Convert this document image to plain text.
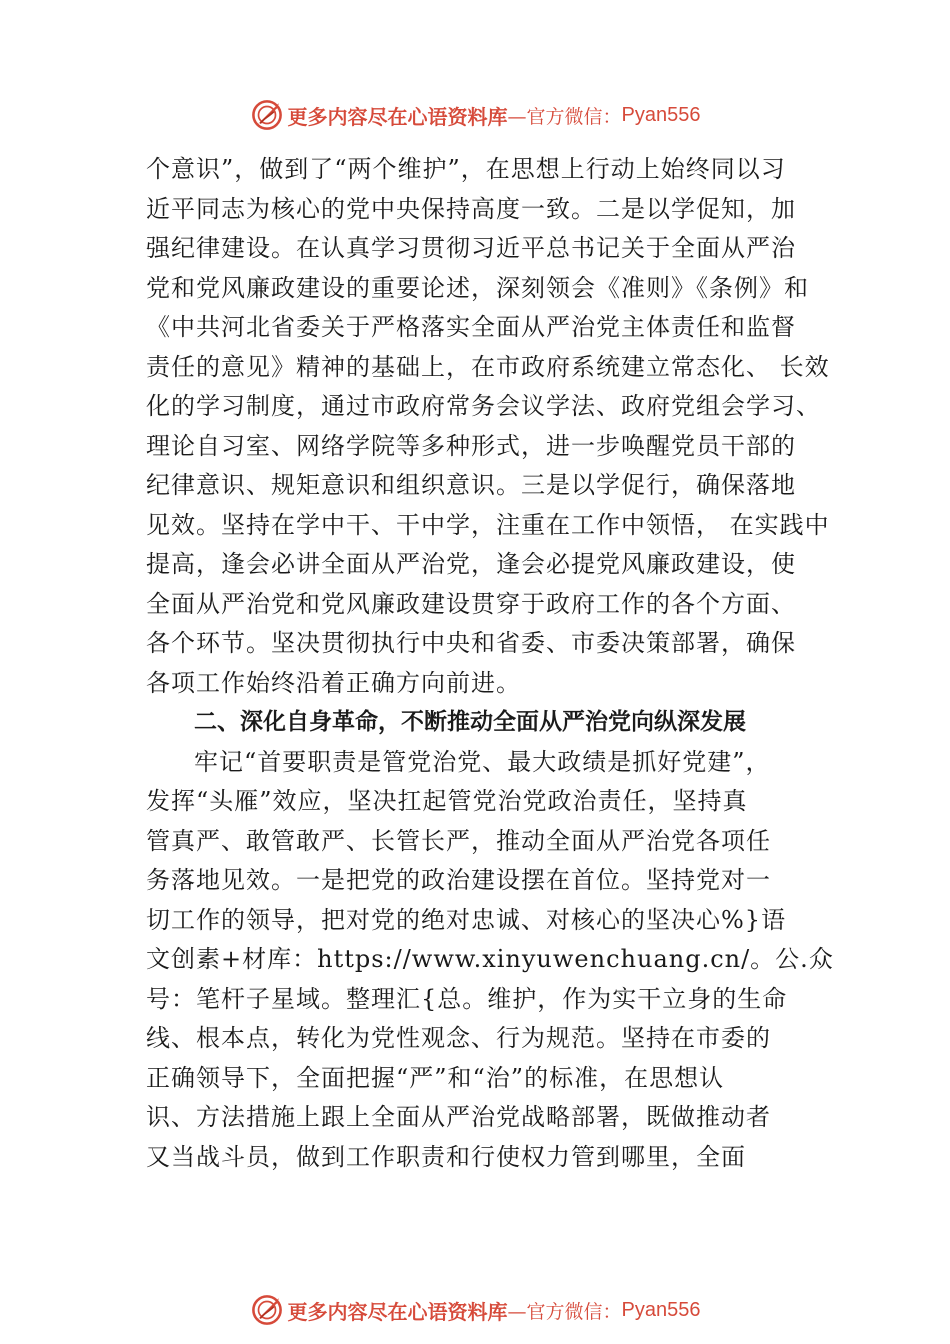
更多内容尽在心语资料库 —官方微信： Pyan556
个意识”，做到了“两个维护”，在思想上行动上始终同以习
近平同志为核心的党中央保持高度一致。二是以学促知，加
强纪律建设。在认真学习贯彻习近平总书记关于全面从严治
党和党风廉政建设的重要论述，深刻领会《准则》《条例》和
《中共河北省委关于严格落实全面从严治党主体责任和监督
责任的意见》精神的基础上，在市政府系统建立常态化、 长效
化的学习制度，通过市政府常务会议学法、政府党组会学习、
理论自习室、网络学院等多种形式，进一步唤醒党员干部的
纪律意识、规矩意识和组织意识。三是以学促行，确保落地
见效。坚持在学中干、干中学，注重在工作中领悟， 在实践中
提高，逢会必讲全面从严治党，逢会必提党风廉政建设，使
全面从严治党和党风廉政建设贯穿于政府工作的各个方面、
各个环节。坚决贯彻执行中央和省委、市委决策部署，确保
各项工作始终沿着正确方向前进。
二、深化自身革命，不断推动全面从严治党向纵深发展
牢记“首要职责是管党治党、最大政绩是抓好党建”，
发挥“头雁”效应，坚决扛起管党治党政治责任，坚持真
管真严、敢管敢严、长管长严，推动全面从严治党各项任
务落地见效。一是把党的政治建设摆在首位。坚持党对一
切工作的领导，把对党的绝对忠诚、对核心的坚决心%}语
文创素+材库：https://www.xinyuwenchuang.cn/。公.众
号：笔杆子星域。整理汇{总。维护，作为实干立身的生命
线、根本点，转化为党性观念、行为规范。坚持在市委的
正确领导下，全面把握“严”和“治”的标准，在思想认
识、方法措施上跟上全面从严治党战略部署，既做推动者
又当战斗员，做到工作职责和行使权力管到哪里，全面
更多内容尽在心语资料库 —官方微信： Pyan556
